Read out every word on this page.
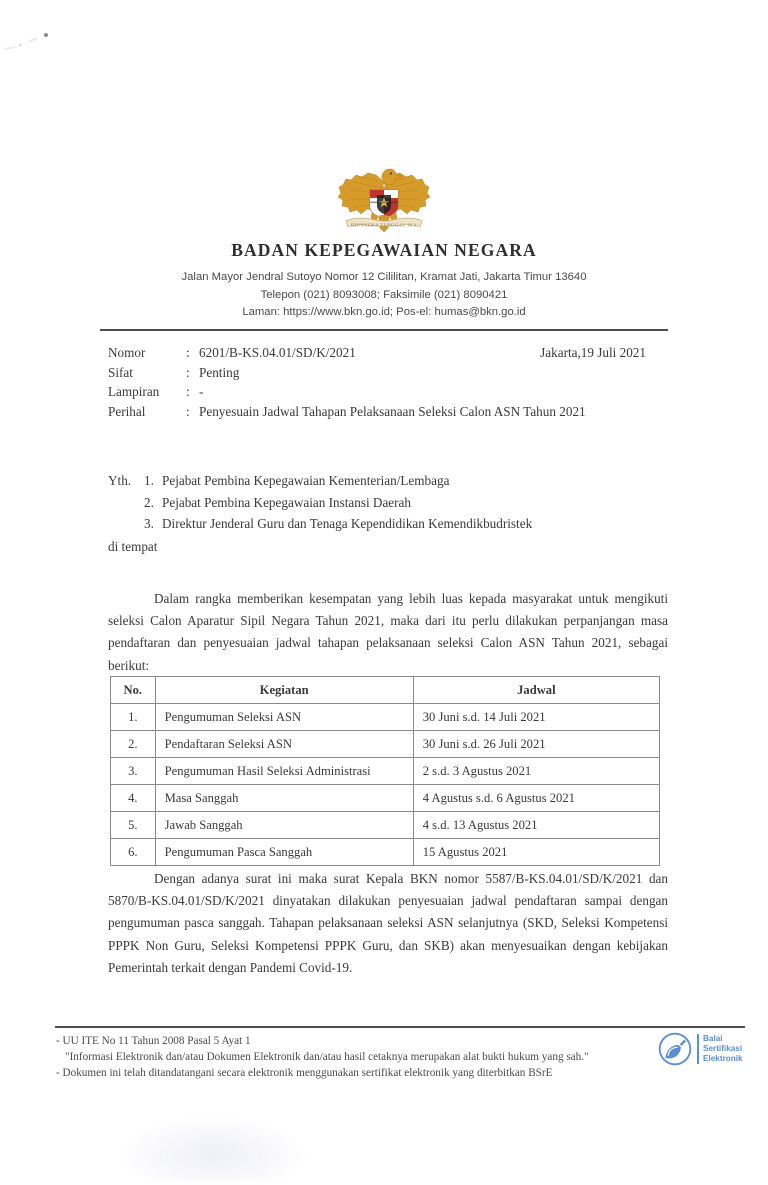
BHINNEKA TUNGGAL IKA
BADAN KEPEGAWAIAN NEGARA
Jalan Mayor Jendral Sutoyo Nomor 12 Cililitan, Kramat Jati, Jakarta Timur 13640
Telepon (021) 8093008; Faksimile (021) 8090421
Laman: https://www.bkn.go.id; Pos-el: humas@bkn.go.id
Nomor	: 6201/B-KS.04.01/SD/K/2021	Jakarta,19 Juli 2021
Sifat	: Penting
Lampiran	: -
Perihal	: Penyesuain Jadwal Tahapan Pelaksanaan Seleksi Calon ASN Tahun 2021
Yth. 1. Pejabat Pembina Kepegawaian Kementerian/Lembaga
2. Pejabat Pembina Kepegawaian Instansi Daerah
3. Direktur Jenderal Guru dan Tenaga Kependidikan Kemendikbudristek
di tempat
Dalam rangka memberikan kesempatan yang lebih luas kepada masyarakat untuk mengikuti seleksi Calon Aparatur Sipil Negara Tahun 2021, maka dari itu perlu dilakukan perpanjangan masa pendaftaran dan penyesuaian jadwal tahapan pelaksanaan seleksi Calon ASN Tahun 2021, sebagai berikut:
No.	Kegiatan	Jadwal
1.	Pengumuman Seleksi ASN	30 Juni s.d. 14 Juli 2021
2.	Pendaftaran Seleksi ASN	30 Juni s.d. 26 Juli 2021
3.	Pengumuman Hasil Seleksi Administrasi	2 s.d. 3 Agustus 2021
4.	Masa Sanggah	4 Agustus s.d. 6 Agustus 2021
5.	Jawab Sanggah	4 s.d. 13 Agustus 2021
6.	Pengumuman Pasca Sanggah	15 Agustus 2021
Dengan adanya surat ini maka surat Kepala BKN nomor 5587/B-KS.04.01/SD/K/2021 dan 5870/B-KS.04.01/SD/K/2021 dinyatakan dilakukan penyesuaian jadwal pendaftaran sampai dengan pengumuman pasca sanggah. Tahapan pelaksanaan seleksi ASN selanjutnya (SKD, Seleksi Kompetensi PPPK Non Guru, Seleksi Kompetensi PPPK Guru, dan SKB) akan menyesuaikan dengan kebijakan Pemerintah terkait dengan Pandemi Covid-19.
- UU ITE No 11 Tahun 2008 Pasal 5 Ayat 1
"Informasi Elektronik dan/atau Dokumen Elektronik dan/atau hasil cetaknya merupakan alat bukti hukum yang sah."
- Dokumen ini telah ditandatangani secara elektronik menggunakan sertifikat elektronik yang diterbitkan BSrE
Balai
Sertifikasi
Elektronik
